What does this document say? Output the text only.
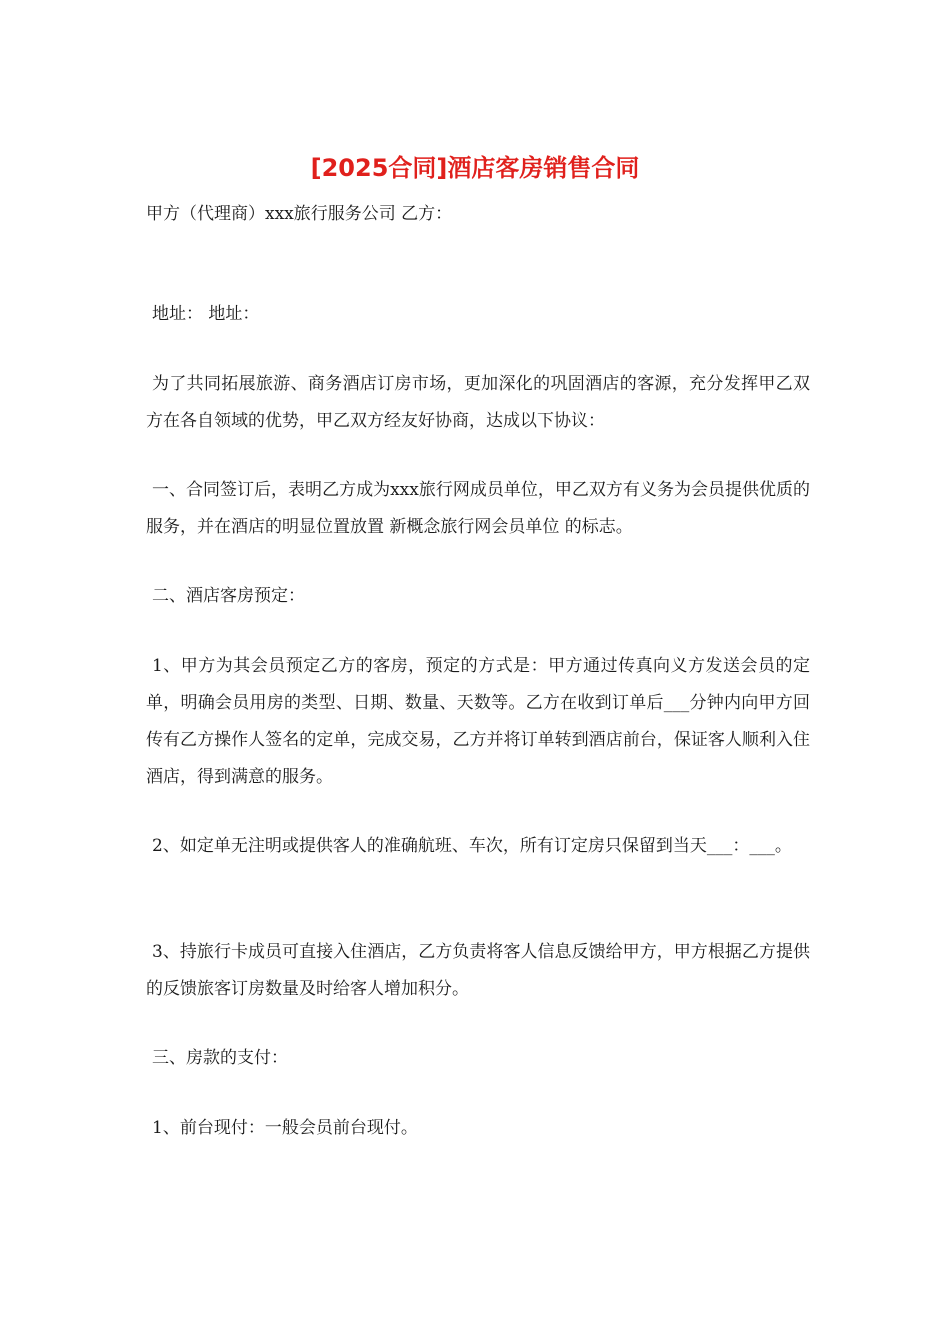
[2025合同]酒店客房销售合同

甲方（代理商）xxx旅行服务公司 乙方：

地址： 地址：

为了共同拓展旅游、商务酒店订房市场，更加深化的巩固酒店的客源，充分发挥甲乙双方在各自领域的优势，甲乙双方经友好协商，达成以下协议：

一、合同签订后，表明乙方成为xxx旅行网成员单位，甲乙双方有义务为会员提供优质的服务，并在酒店的明显位置放置 新概念旅行网会员单位 的标志。

二、酒店客房预定：

1、甲方为其会员预定乙方的客房，预定的方式是：甲方通过传真向义方发送会员的定单，明确会员用房的类型、日期、数量、天数等。乙方在收到订单后___分钟内向甲方回传有乙方操作人签名的定单，完成交易，乙方并将订单转到酒店前台，保证客人顺利入住酒店，得到满意的服务。

2、如定单无注明或提供客人的准确航班、车次，所有订定房只保留到当天___：___。

3、持旅行卡成员可直接入住酒店，乙方负责将客人信息反馈给甲方，甲方根据乙方提供的反馈旅客订房数量及时给客人增加积分。

三、房款的支付：

1、前台现付：一般会员前台现付。
